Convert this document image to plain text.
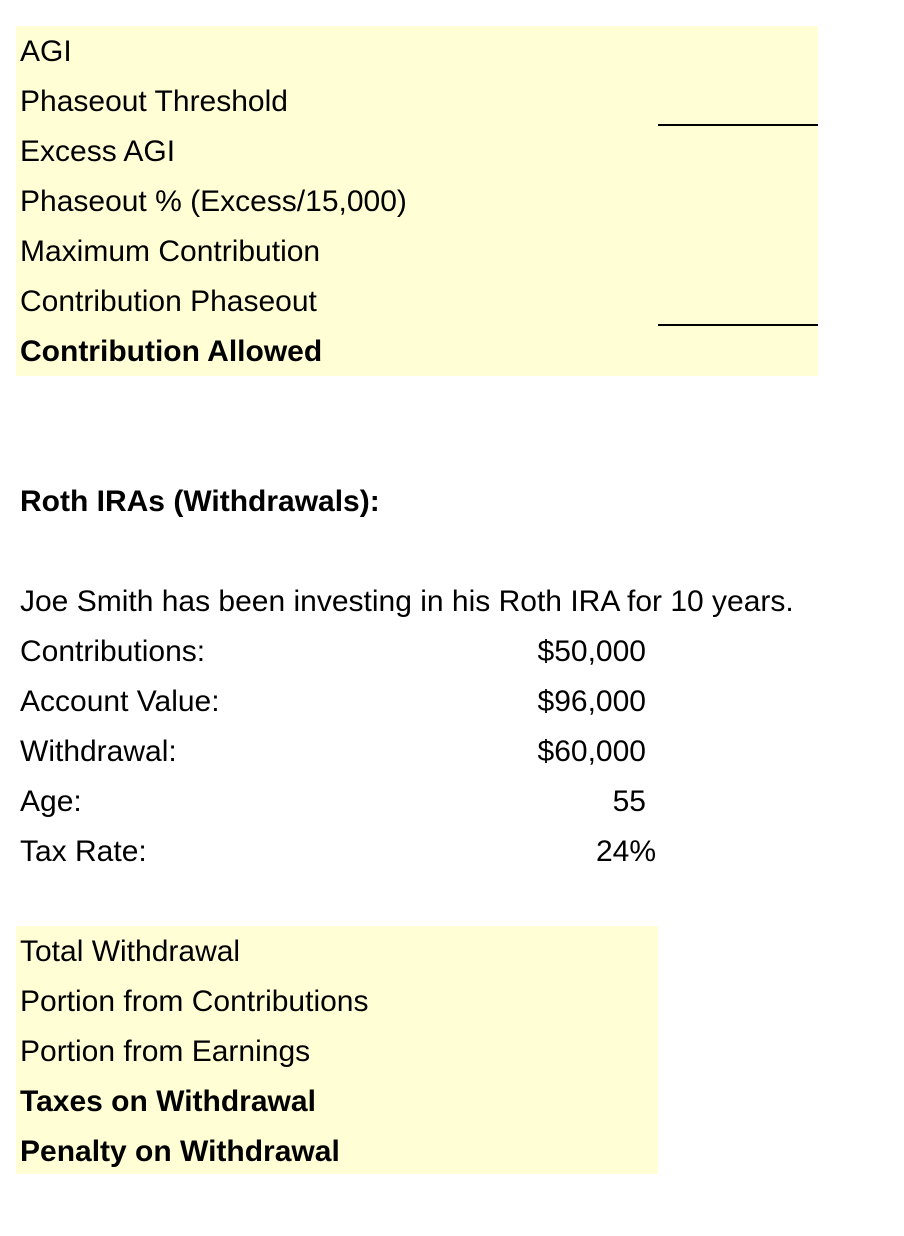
AGI
Phaseout Threshold
Excess AGI
Phaseout % (Excess/15,000)
Maximum Contribution
Contribution Phaseout
Contribution Allowed
Roth IRAs (Withdrawals):
Joe Smith has been investing in his Roth IRA for 10 years.
Contributions:	$50,000
Account Value:	$96,000
Withdrawal:	$60,000
Age:	55
Tax Rate:	24%
Total Withdrawal
Portion from Contributions
Portion from Earnings
Taxes on Withdrawal
Penalty on Withdrawal
